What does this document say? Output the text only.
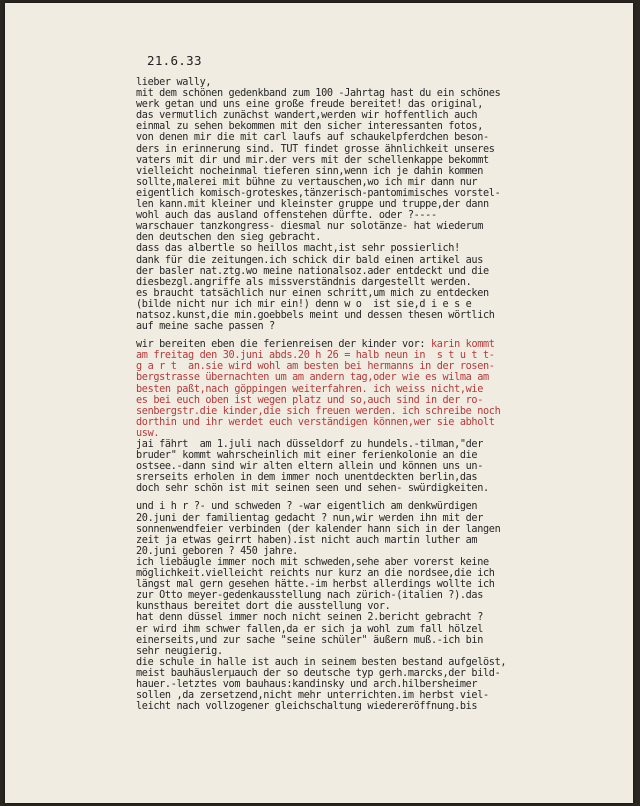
21.6.33
lieber wally,
mit dem schönen gedenkband zum 100 -Jahrtag hast du ein schönes
werk getan und uns eine große freude bereitet! das original,
das vermutlich zunächst wandert,werden wir hoffentlich auch
einmal zu sehen bekommen mit den sicher interessanten fotos,
von denen mir die mit carl laufs auf schaukelpferdchen beson-
ders in erinnerung sind. TUT findet grosse ähnlichkeit unseres
vaters mit dir und mir.der vers mit der schellenkappe bekommt
vielleicht nocheinmal tieferen sinn,wenn ich je dahin kommen
sollte,malerei mit bühne zu vertauschen,wo ich mir dann nur
eigentlich komisch-groteskes,tänzerisch-pantomimisches vorstel-
len kann.mit kleiner und kleinster gruppe und truppe,der dann
wohl auch das ausland offenstehen dürfte. oder ?----
warschauer tanzkongress- diesmal nur solotänze- hat wiederum
den deutschen den sieg gebracht.
dass das albertle so heillos macht,ist sehr possierlich!
dank für die zeitungen.ich schick dir bald einen artikel aus
der basler nat.ztg.wo meine nationalsoz.ader entdeckt und die
diesbezgl.angriffe als missverständnis dargestellt werden.
es braucht tatsächlich nur einen schritt,um mich zu entdecken
(bilde nicht nur ich mir ein!) denn w o  ist sie,d i e s e
natsoz.kunst,die min.goebbels meint und dessen thesen wörtlich
auf meine sache passen ?
wir bereiten eben die ferienreisen der kinder vor: karin kommt
am freitag den 30.juni abds.20 h 26 = halb neun in  s t u t t-
g a r t  an.sie wird wohl am besten bei hermanns in der rosen-
bergstrasse übernachten um am andern tag,oder wie es wilma am
besten paßt,nach göppingen weiterfahren. ich weiss nicht,wie
es bei euch oben ist wegen platz und so,auch sind in der ro-
senbergstr.die kinder,die sich freuen werden. ich schreibe noch
dorthin und ihr werdet euch verständigen können,wer sie abholt
usw.
jai fährt  am 1.juli nach düsseldorf zu hundels.-tilman,"der
bruder" kommt wahrscheinlich mit einer ferienkolonie an die
ostsee.-dann sind wir alten eltern allein und können uns un-
srerseits erholen in dem immer noch unentdeckten berlin,das
doch sehr schön ist mit seinen seen und sehen- swürdigkeiten.
und i h r ?- und schweden ? -war eigentlich am denkwürdigen
20.juni der familientag gedacht ? nun,wir werden ihn mit der
sonnenwendfeier verbinden (der kalender hann sich in der langen
zeit ja etwas geirrt haben).ist nicht auch martin luther am
20.juni geboren ? 450 jahre.
ich liebäugle immer noch mit schweden,sehe aber vorerst keine
möglichkeit.vielleicht reichts nur kurz an die nordsee,die ich
längst mal gern gesehen hätte.-im herbst allerdings wollte ich
zur Otto meyer-gedenkausstellung nach zürich-(italien ?).das
kunsthaus bereitet dort die ausstellung vor.
hat denn düssel immer noch nicht seinen 2.bericht gebracht ?
er wird ihm schwer fallen,da er sich ja wohl zum fall hölzel
einerseits,und zur sache "seine schüler" äußern muß.-ich bin
sehr neugierig.
die schule in halle ist auch in seinem besten bestand aufgelöst,
meist bauhäuslerµauch der so deutsche typ gerh.marcks,der bild-
hauer.-letztes vom bauhaus:kandinsky und arch.hilbersheimer
sollen ,da zersetzend,nicht mehr unterrichten.im herbst viel-
leicht nach vollzogener gleichschaltung wiedereröffnung.bis
